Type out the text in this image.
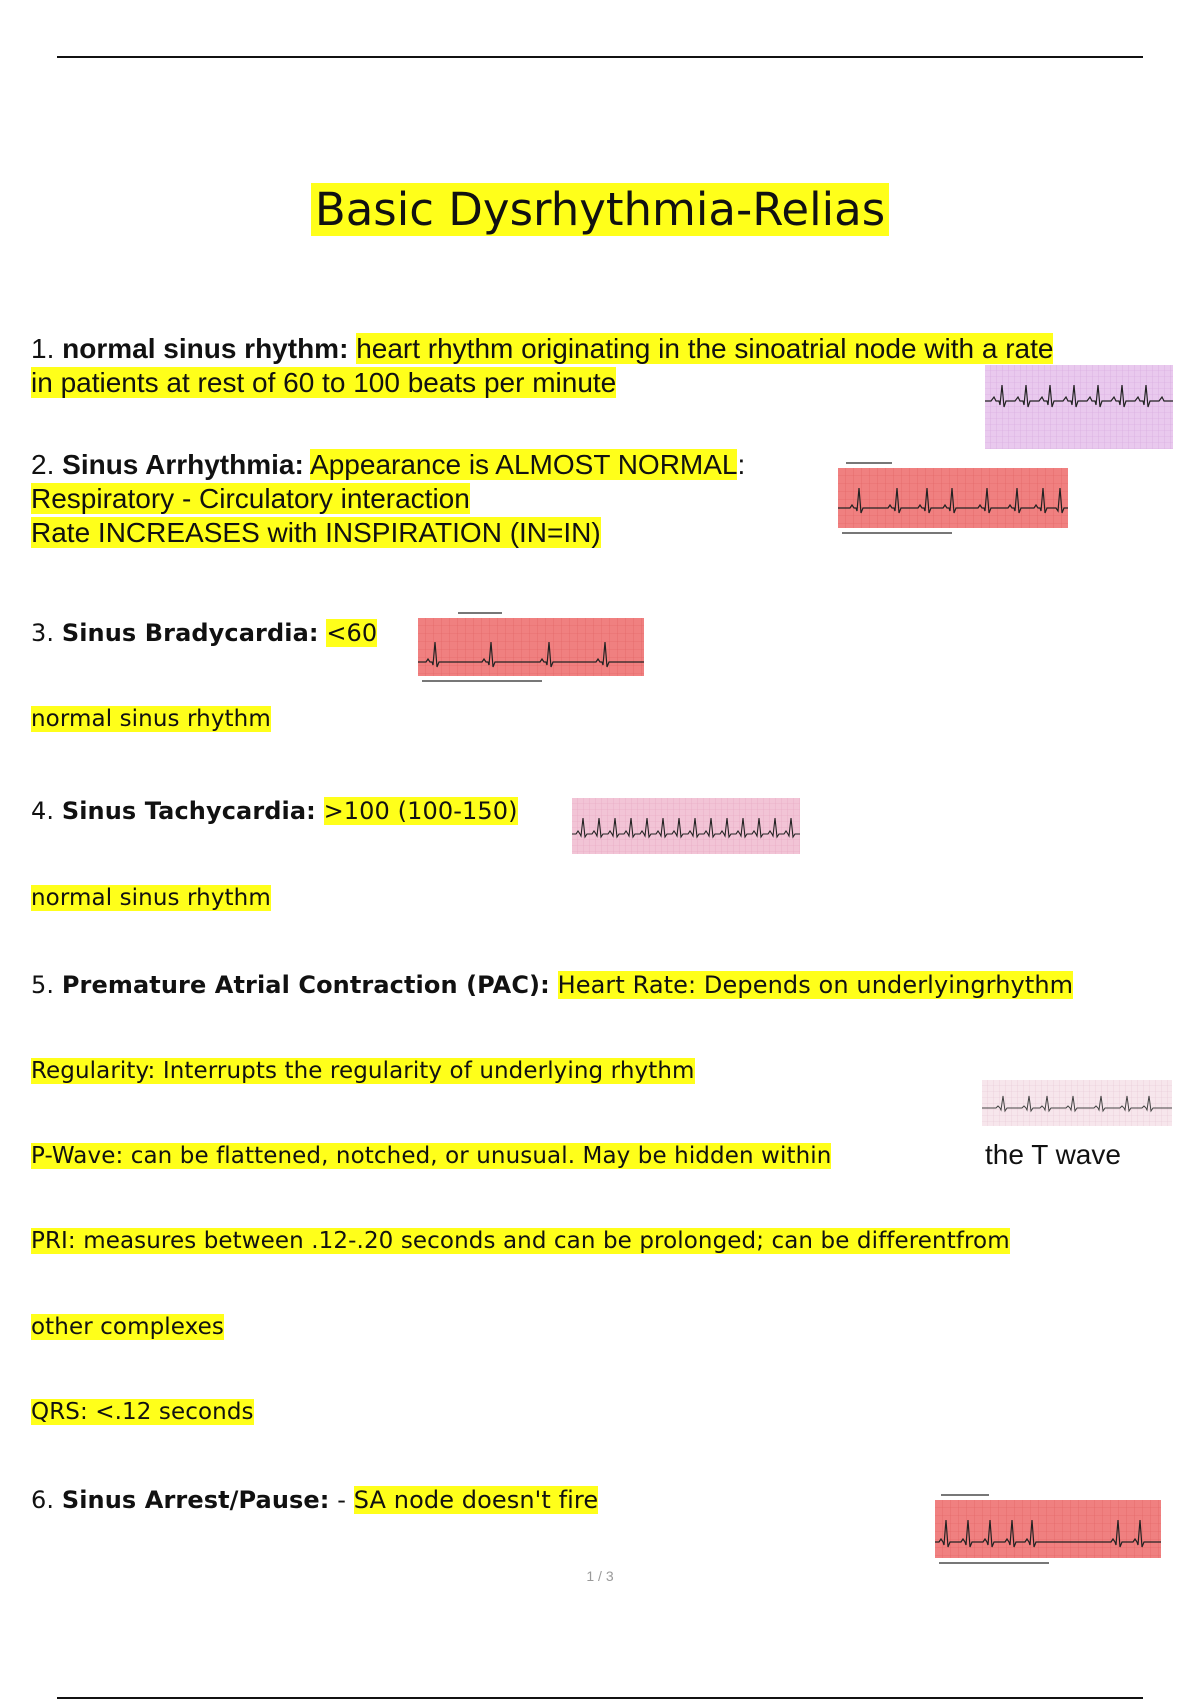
Basic Dysrhythmia-Relias
1. normal sinus rhythm: heart rhythm originating in the sinoatrial node with a rate
in patients at rest of 60 to 100 beats per minute
2. Sinus Arrhythmia: Appearance is ALMOST NORMAL:
Respiratory - Circulatory interaction
Rate INCREASES with INSPIRATION (IN=IN)
3. Sinus Bradycardia: <60
normal sinus rhythm
4. Sinus Tachycardia: >100 (100-150)
normal sinus rhythm
5. Premature Atrial Contraction (PAC): Heart Rate: Depends on underlyingrhythm
Regularity: Interrupts the regularity of underlying rhythm
P-Wave: can be flattened, notched, or unusual. May be hidden within	the T wave
PRI: measures between .12-.20 seconds and can be prolonged; can be differentfrom
other complexes
QRS: <.12 seconds
6. Sinus Arrest/Pause: - SA node doesn't fire
1 / 3
